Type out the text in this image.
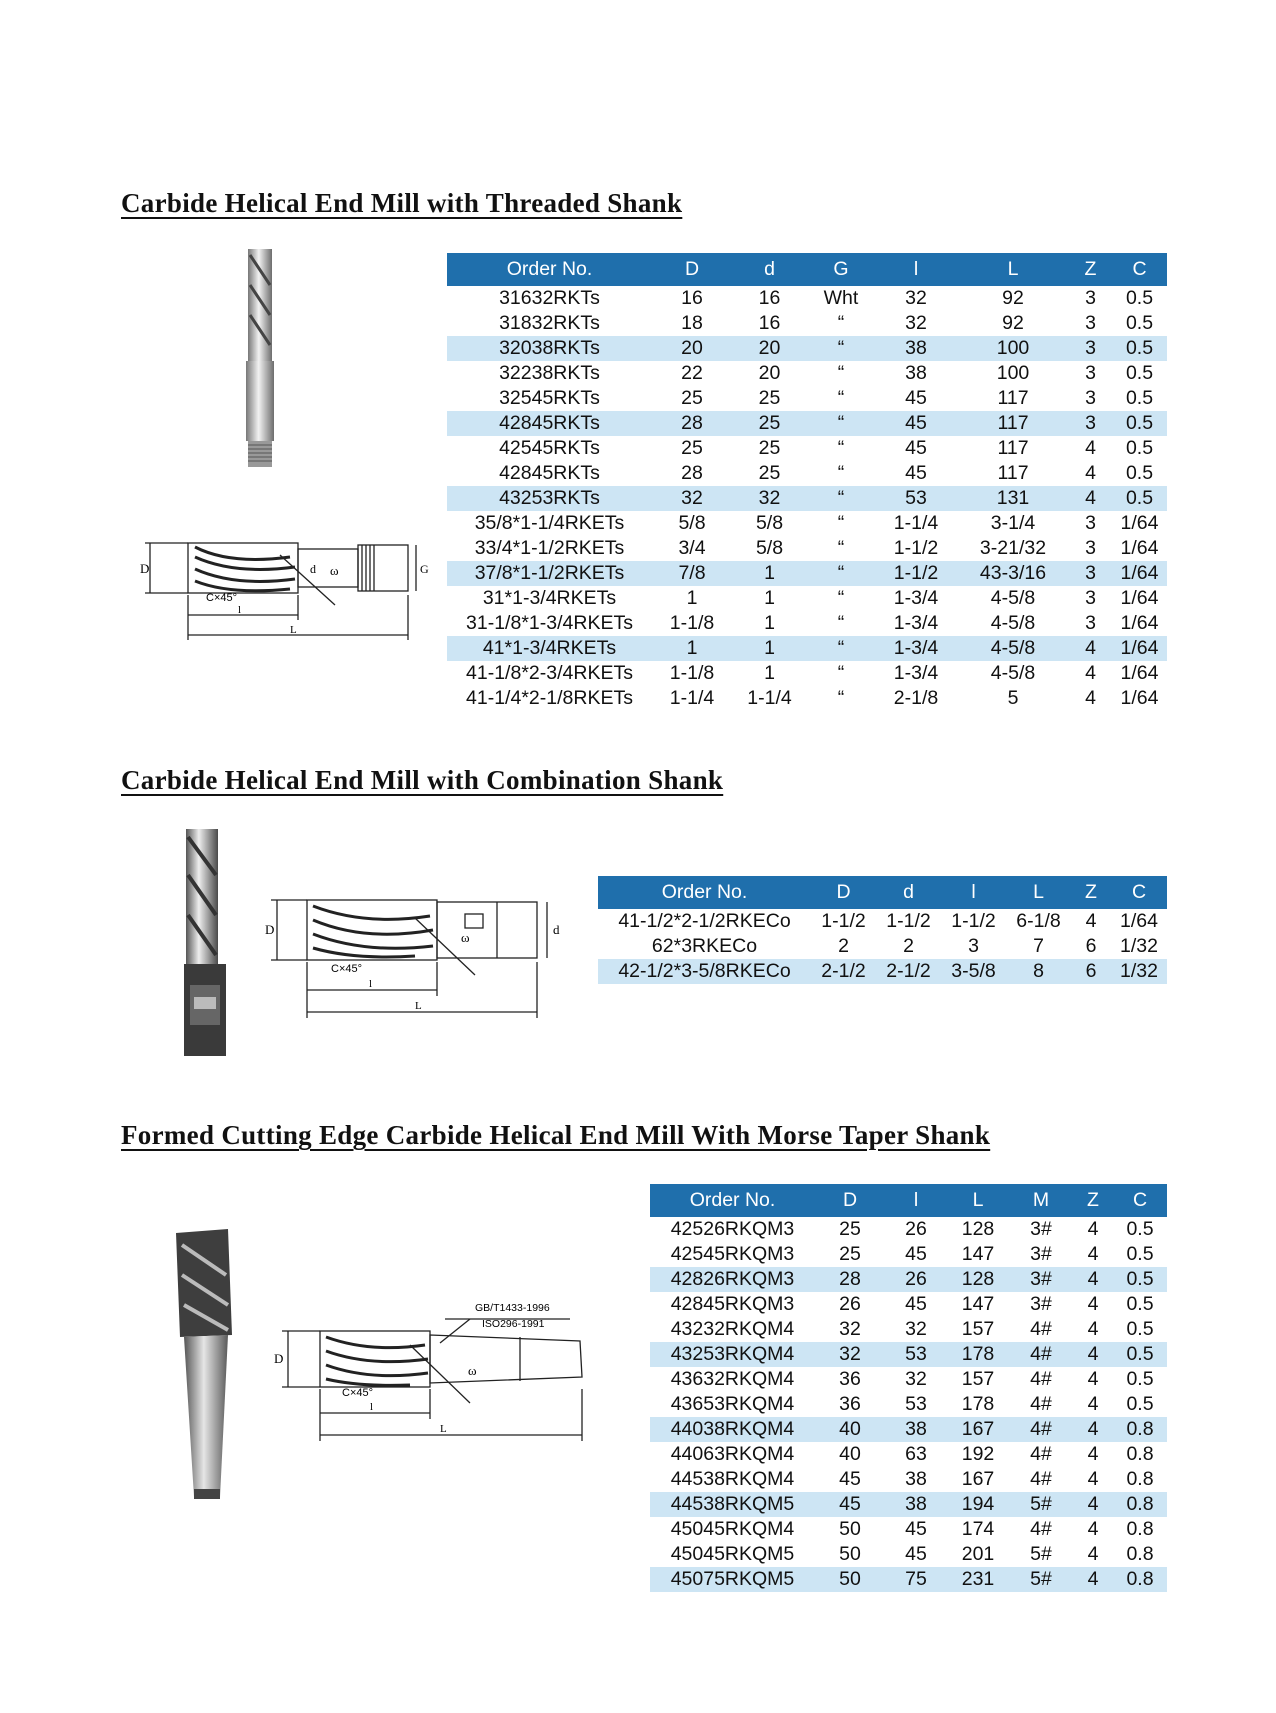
Carbide Helical End Mill with Threaded Shank
D	d	G
ω
C×45°
l
L
Order No.	D	d	G	l	L	Z	C
31632RKTs	16	16	Wht	32	92	3	0.5
31832RKTs	18	16	“	32	92	3	0.5
32038RKTs	20	20	“	38	100	3	0.5
32238RKTs	22	20	“	38	100	3	0.5
32545RKTs	25	25	“	45	117	3	0.5
42845RKTs	28	25	“	45	117	3	0.5
42545RKTs	25	25	“	45	117	4	0.5
42845RKTs	28	25	“	45	117	4	0.5
43253RKTs	32	32	“	53	131	4	0.5
35/8*1-1/4RKETs	5/8	5/8	“	1-1/4	3-1/4	3	1/64
33/4*1-1/2RKETs	3/4	5/8	“	1-1/2	3-21/32	3	1/64
37/8*1-1/2RKETs	7/8	1	“	1-1/2	43-3/16	3	1/64
31*1-3/4RKETs	1	1	“	1-3/4	4-5/8	3	1/64
31-1/8*1-3/4RKETs	1-1/8	1	“	1-3/4	4-5/8	3	1/64
41*1-3/4RKETs	1	1	“	1-3/4	4-5/8	4	1/64
41-1/8*2-3/4RKETs	1-1/8	1	“	1-3/4	4-5/8	4	1/64
41-1/4*2-1/8RKETs	1-1/4	1-1/4	“	2-1/8	5	4	1/64
Carbide Helical End Mill with Combination Shank
D	d
ω
C×45°
l
L
Order No.	D	d	l	L	Z	C
41-1/2*2-1/2RKECo	1-1/2	1-1/2	1-1/2	6-1/8	4	1/64
62*3RKECo	2	2	3	7	6	1/32
42-1/2*3-5/8RKECo	2-1/2	2-1/2	3-5/8	8	6	1/32
Formed Cutting Edge Carbide Helical End Mill With Morse Taper Shank
GB/T1433-1996
ISO296-1991
D
ω
C×45°
l
L
Order No.	D	l	L	M	Z	C
42526RKQM3	25	26	128	3#	4	0.5
42545RKQM3	25	45	147	3#	4	0.5
42826RKQM3	28	26	128	3#	4	0.5
42845RKQM3	26	45	147	3#	4	0.5
43232RKQM4	32	32	157	4#	4	0.5
43253RKQM4	32	53	178	4#	4	0.5
43632RKQM4	36	32	157	4#	4	0.5
43653RKQM4	36	53	178	4#	4	0.5
44038RKQM4	40	38	167	4#	4	0.8
44063RKQM4	40	63	192	4#	4	0.8
44538RKQM4	45	38	167	4#	4	0.8
44538RKQM5	45	38	194	5#	4	0.8
45045RKQM4	50	45	174	4#	4	0.8
45045RKQM5	50	45	201	5#	4	0.8
45075RKQM5	50	75	231	5#	4	0.8
